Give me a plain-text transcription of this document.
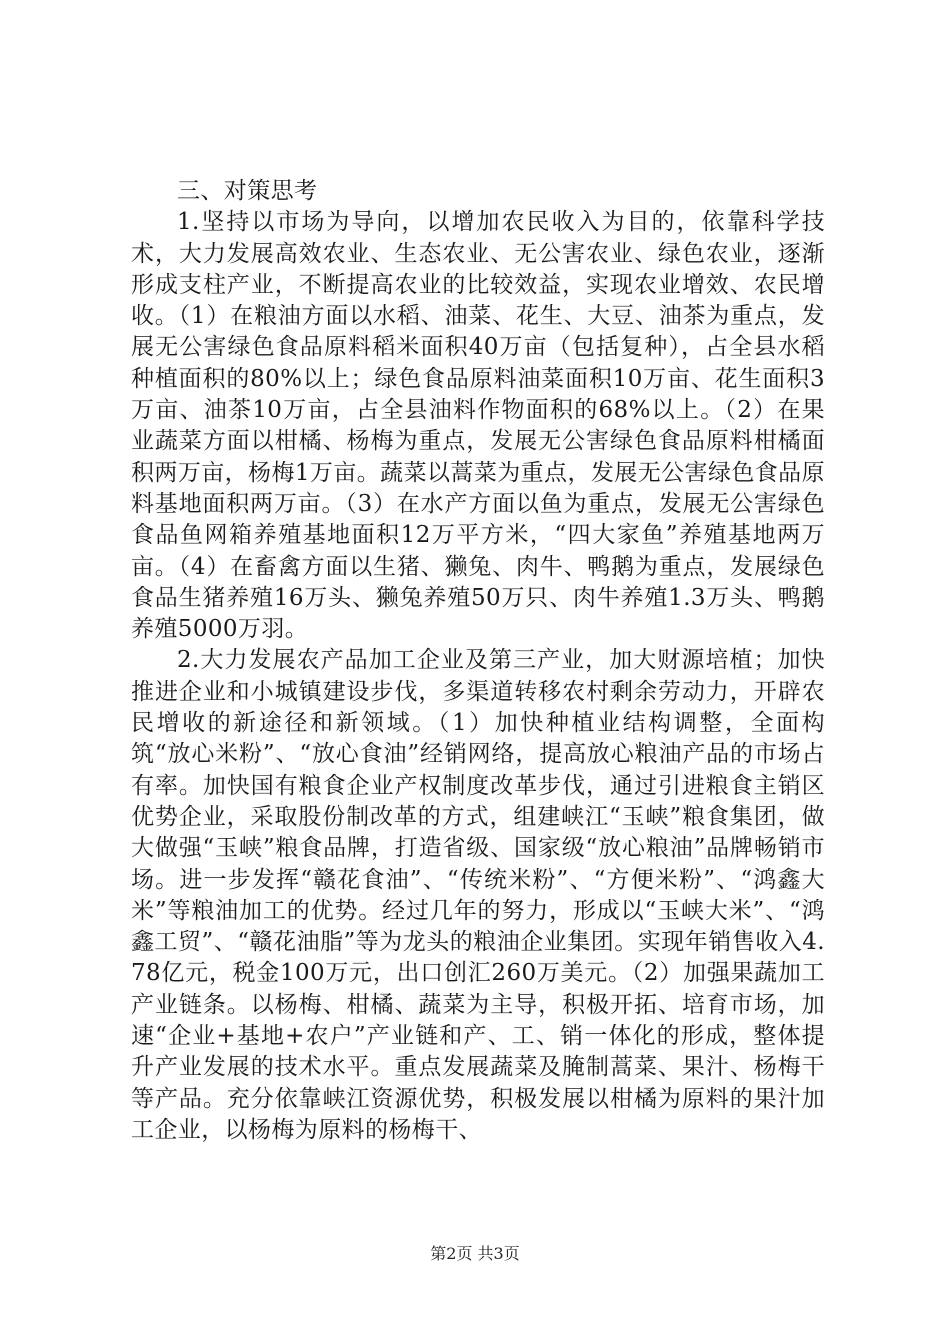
三、对策思考

1.坚持以市场为导向，以增加农民收入为目的，依靠科学技术，大力发展高效农业、生态农业、无公害农业、绿色农业，逐渐形成支柱产业，不断提高农业的比较效益，实现农业增效、农民增收。（1）在粮油方面以水稻、油菜、花生、大豆、油茶为重点，发展无公害绿色食品原料稻米面积40万亩（包括复种），占全县水稻种植面积的80%以上；绿色食品原料油菜面积10万亩、花生面积3万亩、油茶10万亩，占全县油料作物面积的68%以上。（2）在果业蔬菜方面以柑橘、杨梅为重点，发展无公害绿色食品原料柑橘面积两万亩，杨梅1万亩。蔬菜以蒿菜为重点，发展无公害绿色食品原料基地面积两万亩。（3）在水产方面以鱼为重点，发展无公害绿色食品鱼网箱养殖基地面积12万平方米，“四大家鱼”养殖基地两万亩。（4）在畜禽方面以生猪、獭兔、肉牛、鸭鹅为重点，发展绿色食品生猪养殖16万头、獭兔养殖50万只、肉牛养殖1.3万头、鸭鹅养殖5000万羽。

2.大力发展农产品加工企业及第三产业，加大财源培植；加快推进企业和小城镇建设步伐，多渠道转移农村剩余劳动力，开辟农民增收的新途径和新领域。（1）加快种植业结构调整，全面构筑“放心米粉”、“放心食油”经销网络，提高放心粮油产品的市场占有率。加快国有粮食企业产权制度改革步伐，通过引进粮食主销区优势企业，采取股份制改革的方式，组建峡江“玉峡”粮食集团，做大做强“玉峡”粮食品牌，打造省级、国家级“放心粮油”品牌畅销市场。进一步发挥“赣花食油”、“传统米粉”、“方便米粉”、“鸿鑫大米”等粮油加工的优势。经过几年的努力，形成以“玉峡大米”、“鸿鑫工贸”、“赣花油脂”等为龙头的粮油企业集团。实现年销售收入4.78亿元，税金100万元，出口创汇260万美元。（2）加强果蔬加工产业链条。以杨梅、柑橘、蔬菜为主导，积极开拓、培育市场，加速“企业+基地+农户”产业链和产、工、销一体化的形成，整体提升产业发展的技术水平。重点发展蔬菜及腌制蒿菜、果汁、杨梅干等产品。充分依靠峡江资源优势，积极发展以柑橘为原料的果汁加工企业，以杨梅为原料的杨梅干、

第2页 共3页
